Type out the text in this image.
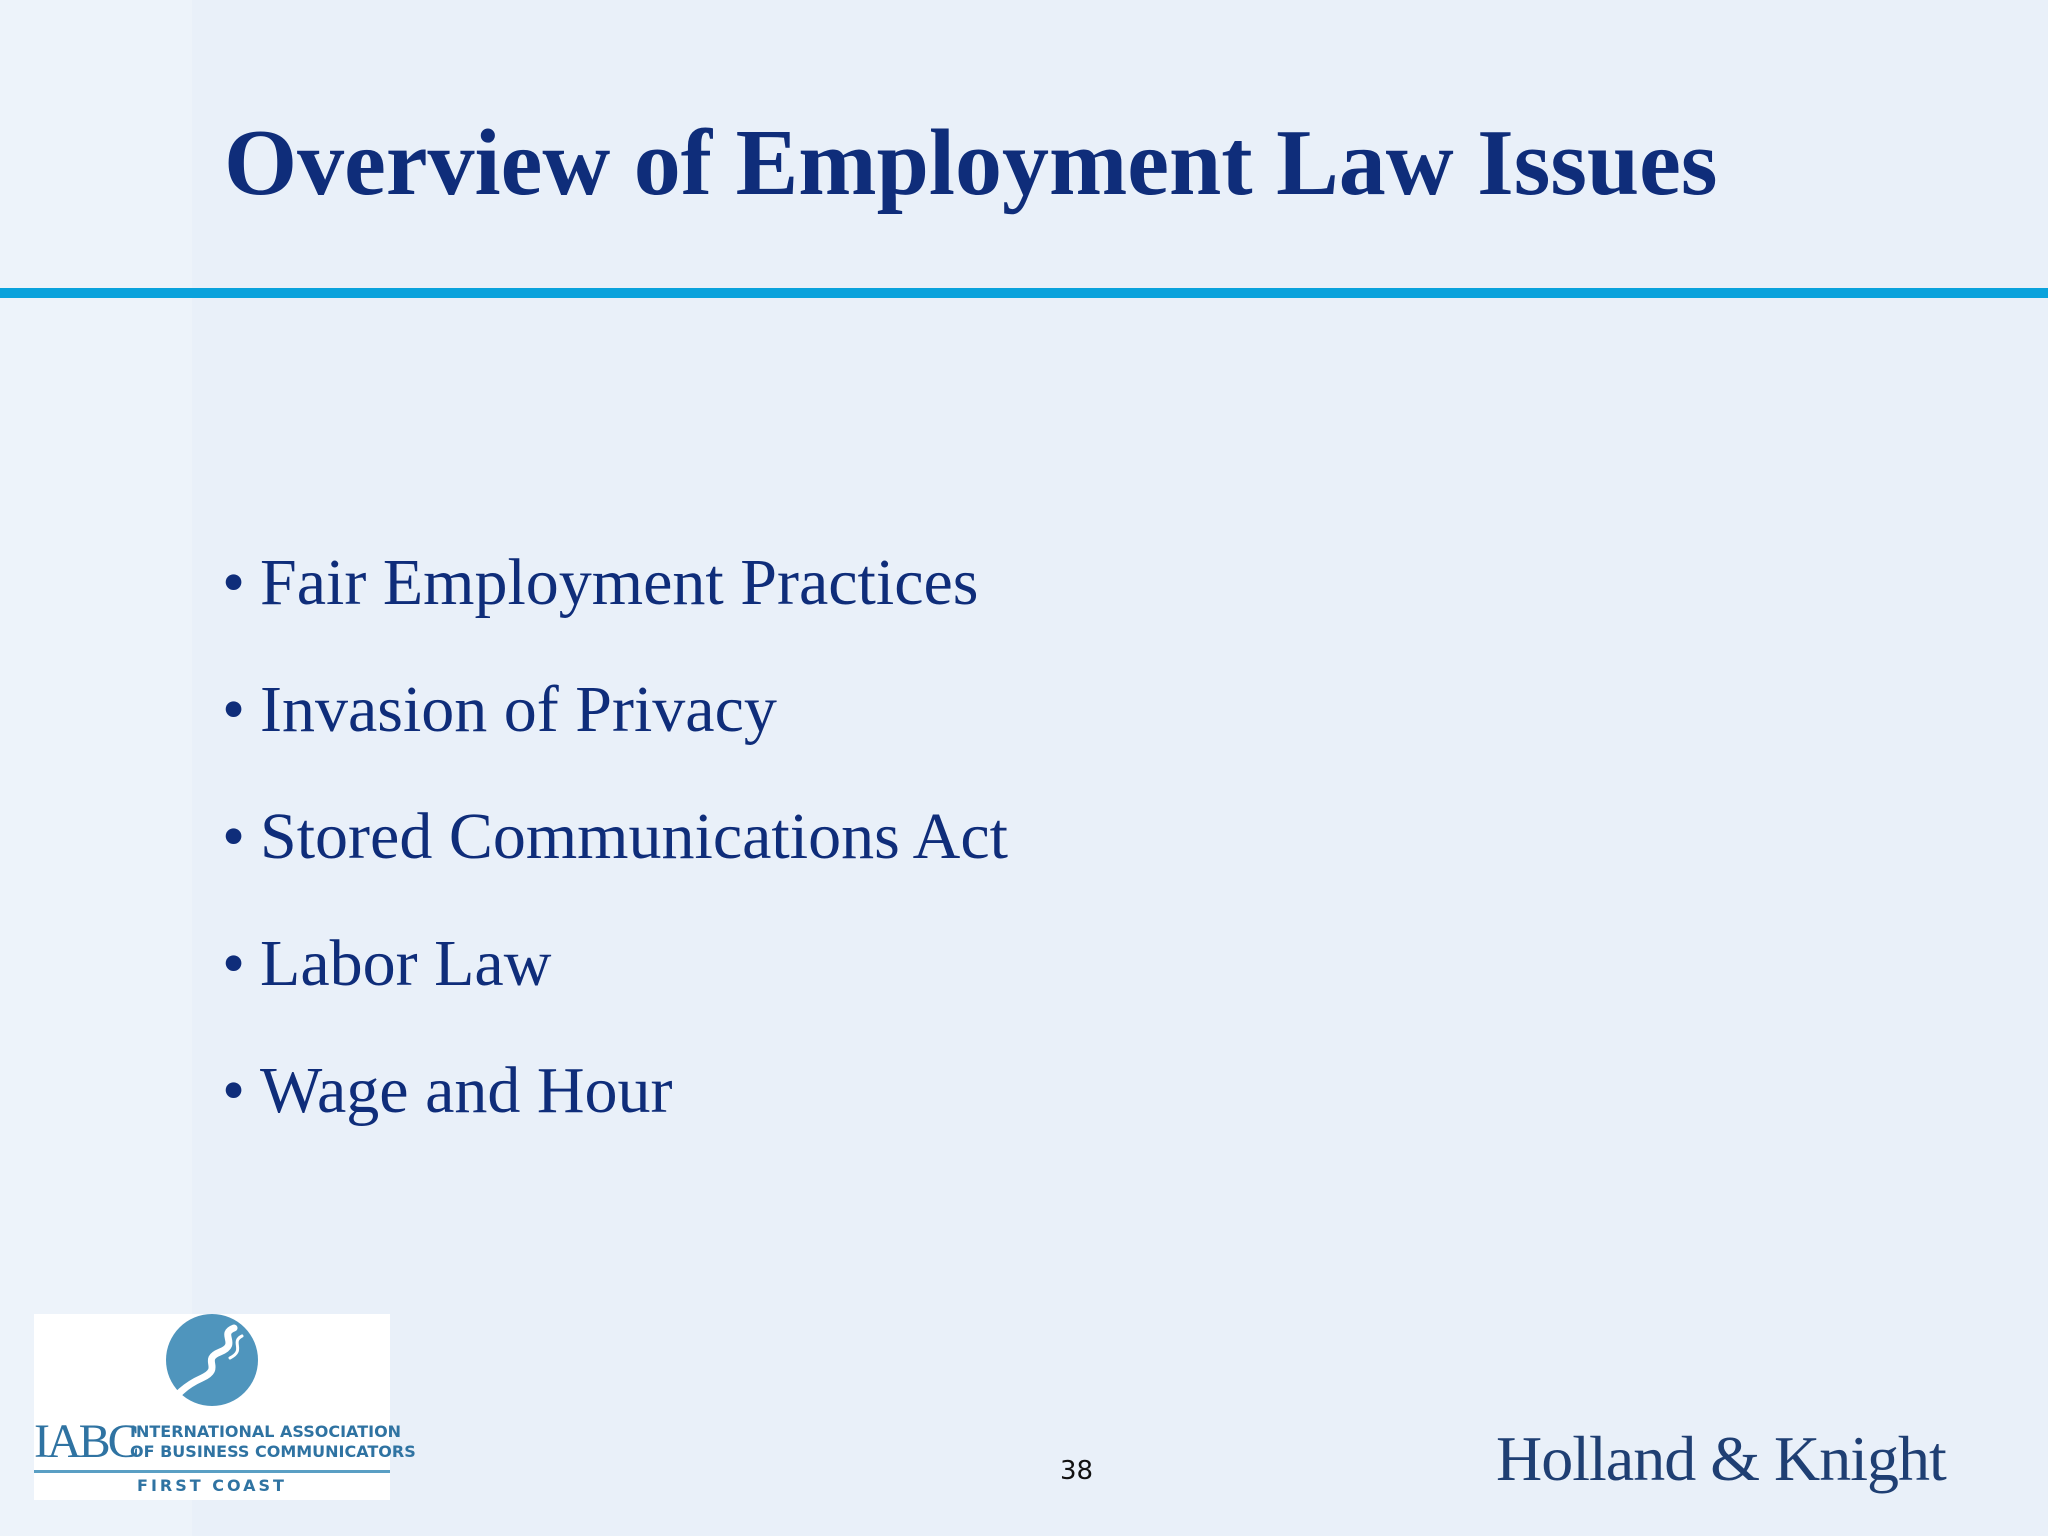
Overview of Employment Law Issues
• Fair Employment Practices
• Invasion of Privacy
• Stored Communications Act
• Labor Law
• Wage and Hour
IABC
INTERNATIONAL ASSOCIATION
OF BUSINESS COMMUNICATORS
FIRST COAST	38	Holland & Knight
